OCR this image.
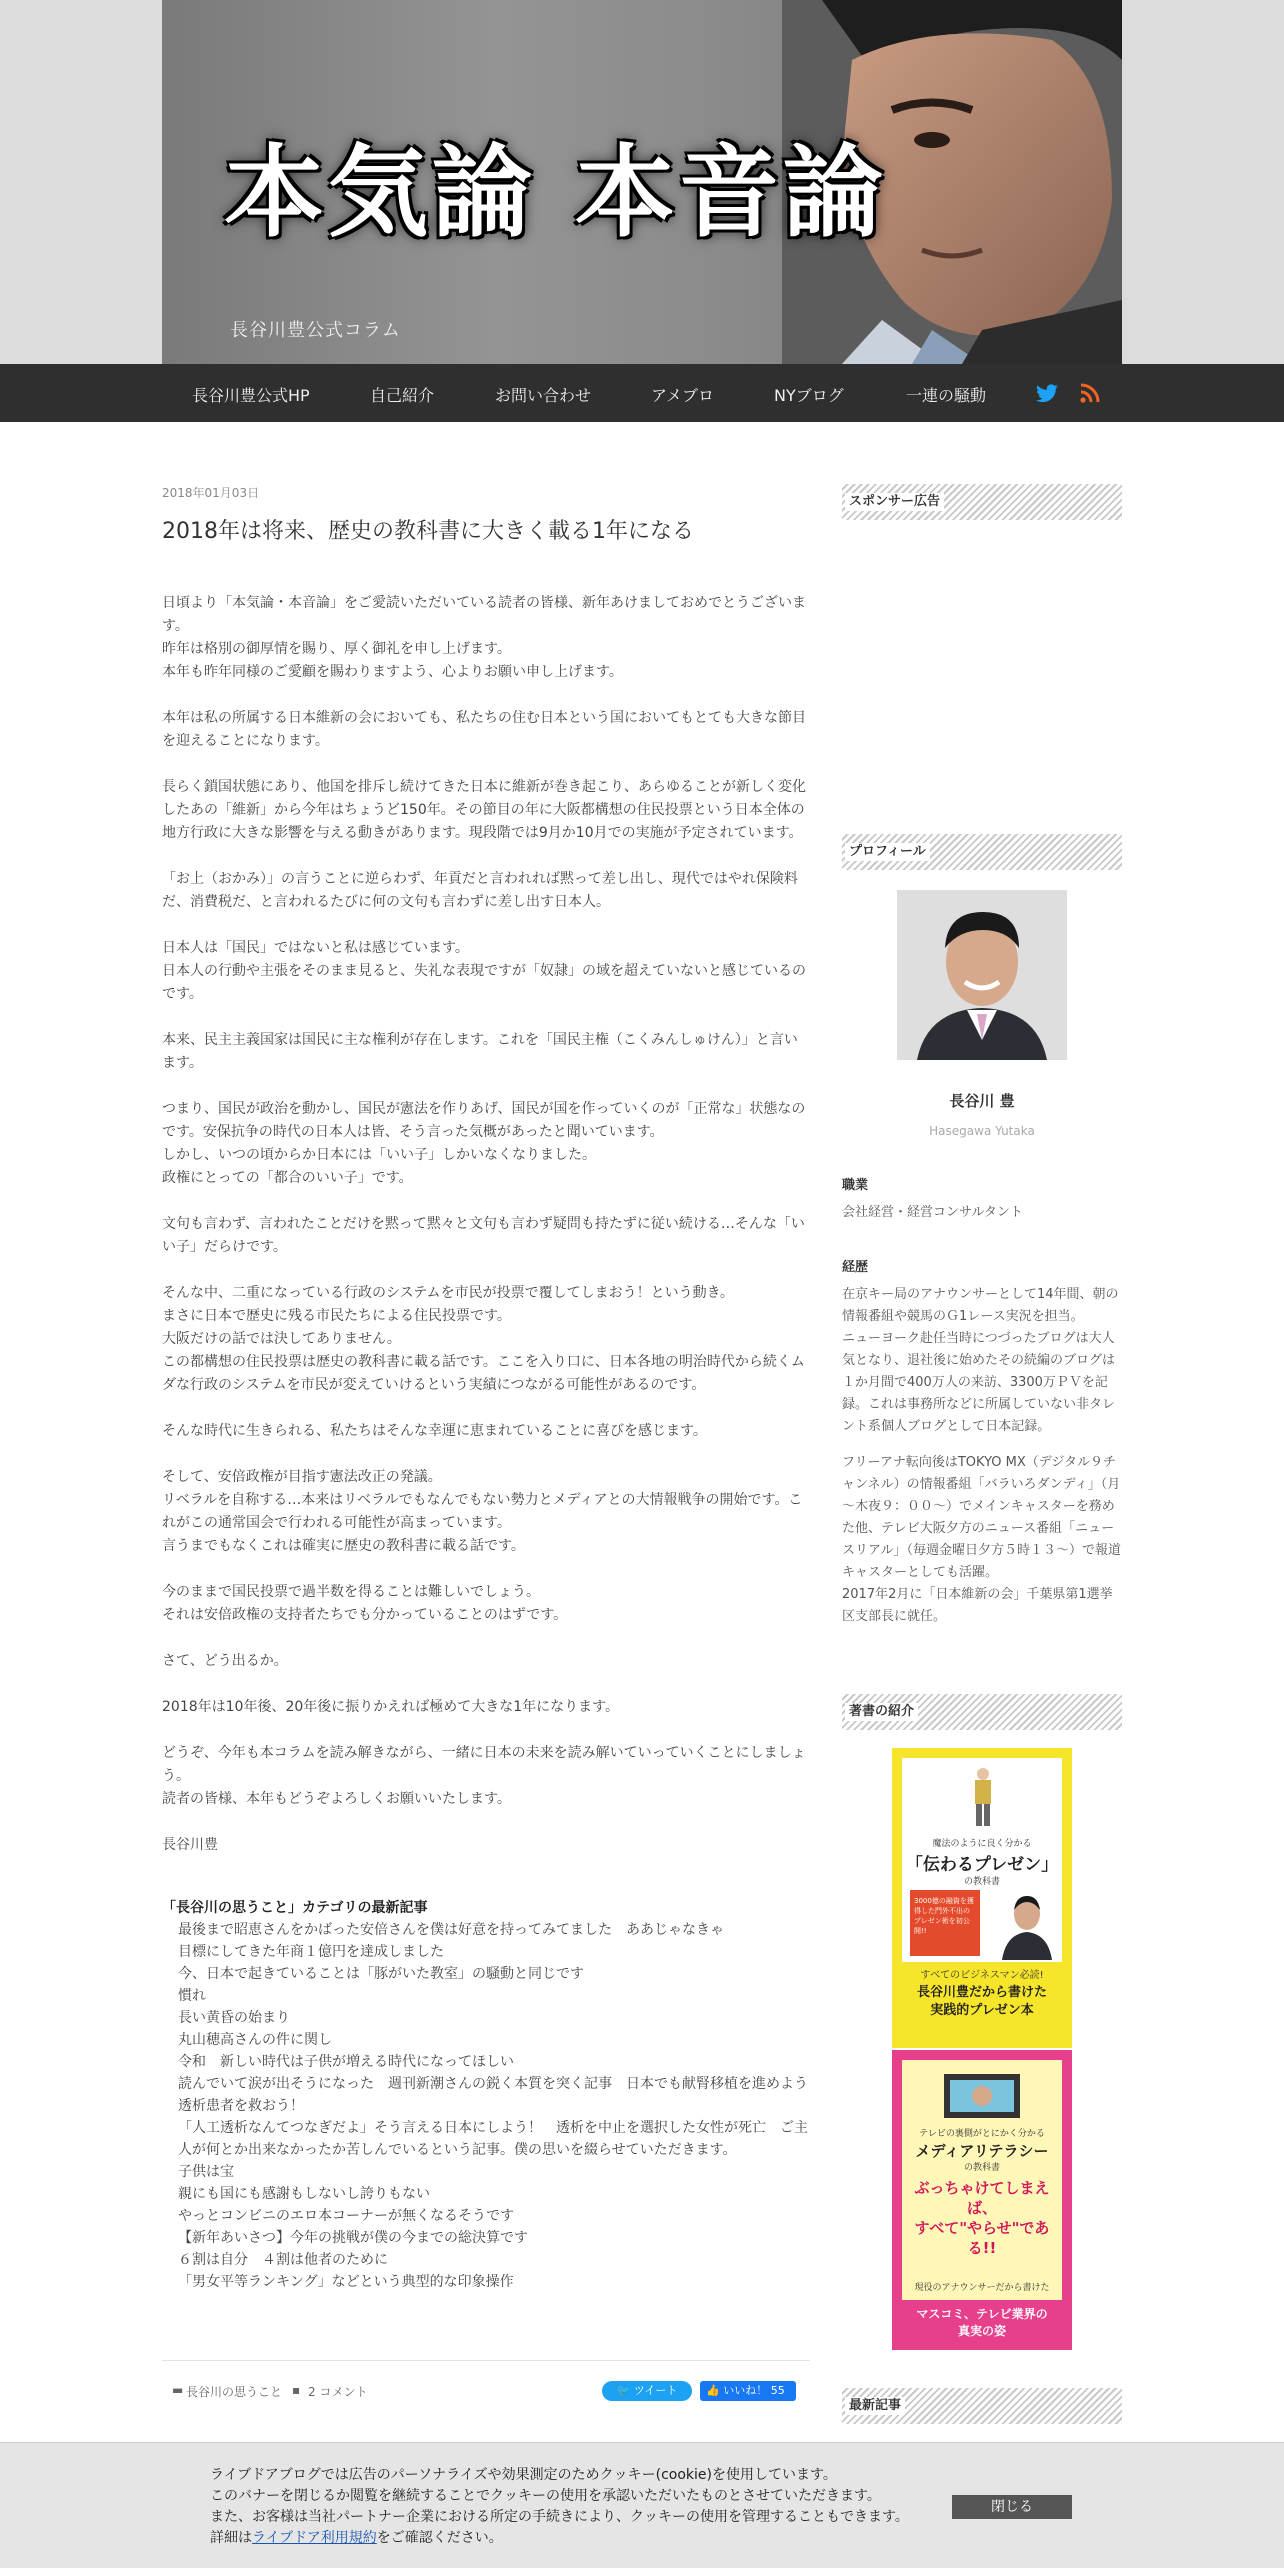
本気論 本音論
長谷川豊公式コラム
長谷川豊公式HP	自己紹介	お問い合わせ	アメブロ	NYブログ	一連の騒動
2018年01月03日
2018年は将来、歴史の教科書に大きく載る1年になる

日頃より「本気論・本音論」をご愛読いただいている読者の皆様、新年あけましておめでとうございます。
昨年は格別の御厚情を賜り、厚く御礼を申し上げます。
本年も昨年同様のご愛顧を賜わりますよう、心よりお願い申し上げます。

本年は私の所属する日本維新の会においても、私たちの住む日本という国においてもとても大きな節目を迎えることになります。

長らく鎖国状態にあり、他国を排斥し続けてきた日本に維新が巻き起こり、あらゆることが新しく変化したあの「維新」から今年はちょうど150年。その節目の年に大阪都構想の住民投票という日本全体の地方行政に大きな影響を与える動きがあります。現段階では9月か10月での実施が予定されています。

「お上（おかみ）」の言うことに逆らわず、年貢だと言われれば黙って差し出し、現代ではやれ保険料だ、消費税だ、と言われるたびに何の文句も言わずに差し出す日本人。

日本人は「国民」ではないと私は感じています。
日本人の行動や主張をそのまま見ると、失礼な表現ですが「奴隷」の域を超えていないと感じているのです。

本来、民主主義国家は国民に主な権利が存在します。これを「国民主権（こくみんしゅけん）」と言います。

つまり、国民が政治を動かし、国民が憲法を作りあげ、国民が国を作っていくのが「正常な」状態なのです。安保抗争の時代の日本人は皆、そう言った気概があったと聞いています。
しかし、いつの頃からか日本には「いい子」しかいなくなりました。
政権にとっての「都合のいい子」です。

文句も言わず、言われたことだけを黙って黙々と文句も言わず疑問も持たずに従い続ける…そんな「いい子」だらけです。

そんな中、二重になっている行政のシステムを市民が投票で覆してしまおう！という動き。
まさに日本で歴史に残る市民たちによる住民投票です。
大阪だけの話では決してありません。
この都構想の住民投票は歴史の教科書に載る話です。ここを入り口に、日本各地の明治時代から続くムダな行政のシステムを市民が変えていけるという実績につながる可能性があるのです。

そんな時代に生きられる、私たちはそんな幸運に恵まれていることに喜びを感じます。

そして、安倍政権が目指す憲法改正の発議。
リベラルを自称する…本来はリベラルでもなんでもない勢力とメディアとの大情報戦争の開始です。これがこの通常国会で行われる可能性が高まっています。
言うまでもなくこれは確実に歴史の教科書に載る話です。

今のままで国民投票で過半数を得ることは難しいでしょう。
それは安倍政権の支持者たちでも分かっていることのはずです。

さて、どう出るか。

2018年は10年後、20年後に振りかえれば極めて大きな1年になります。

どうぞ、今年も本コラムを読み解きながら、一緒に日本の未来を読み解いていっていくことにしましょう。
読者の皆様、本年もどうぞよろしくお願いいたします。

長谷川豊

「長谷川の思うこと」カテゴリの最新記事
最後まで昭恵さんをかばった安倍さんを僕は好意を持ってみてました　ああじゃなきゃ
目標にしてきた年商１億円を達成しました
今、日本で起きていることは「豚がいた教室」の騒動と同じです
慣れ
長い黄昏の始まり
丸山穂高さんの件に関し
令和　新しい時代は子供が増える時代になってほしい
読んでいて涙が出そうになった　週刊新潮さんの鋭く本質を突く記事　日本でも献腎移植を進めよう透析患者を救おう！
「人工透析なんてつなぎだよ」そう言える日本にしよう！　透析を中止を選択した女性が死亡　ご主人が何とか出来なかったか苦しんでいるという記事。僕の思いを綴らせていただきます。
子供は宝
親にも国にも感謝もしないし誇りもない
やっとコンビニのエロ本コーナーが無くなるそうです
【新年あいさつ】今年の挑戦が僕の今までの総決算です
６割は自分　４割は他者のために
「男女平等ランキング」などという典型的な印象操作
▬ 長谷川の思うこと ▪ 2 コメント	🐦 ツイート	👍 いいね！ 55
スポンサー広告
プロフィール
長谷川 豊
Hasegawa Yutaka
職業
会社経営・経営コンサルタント
経歴
在京キー局のアナウンサーとして14年間、朝の情報番組や競馬のＧ1レース実況を担当。
ニューヨーク赴任当時につづったブログは大人気となり、退社後に始めたその続編のブログは１か月間で400万人の来訪、3300万ＰＶを記録。これは事務所などに所属していない非タレント系個人ブログとして日本記録。
フリーアナ転向後はTOKYO MX（デジタル９チャンネル）の情報番組「バラいろダンディ」（月～木夜９：００～）でメインキャスターを務めた他、テレビ大阪夕方のニュース番組「ニュースリアル」（毎週金曜日夕方５時１３～）で報道キャスターとしても活躍。
2017年2月に「日本維新の会」千葉県第1選挙区支部長に就任。
著書の紹介
魔法のように良く分かる
「伝わるプレゼン」
の教科書
3000億の融資を獲得した門外不出のプレゼン術を初公開!!
すべてのビジネスマン必読!
長谷川豊だから書けた
実践的プレゼン本
テレビの裏側がとにかく分かる
メディアリテラシー
の教科書
ぶっちゃけてしまえば、
すべて"やらせ"である!!
現役のアナウンサーだから書けた
マスコミ、テレビ業界の
真実の姿
最新記事
ライブドアブログでは広告のパーソナライズや効果測定のためクッキー(cookie)を使用しています。
このバナーを閉じるか閲覧を継続することでクッキーの使用を承認いただいたものとさせていただきます。
また、お客様は当社パートナー企業における所定の手続きにより、クッキーの使用を管理することもできます。
詳細はライブドア利用規約をご確認ください。
閉じる
